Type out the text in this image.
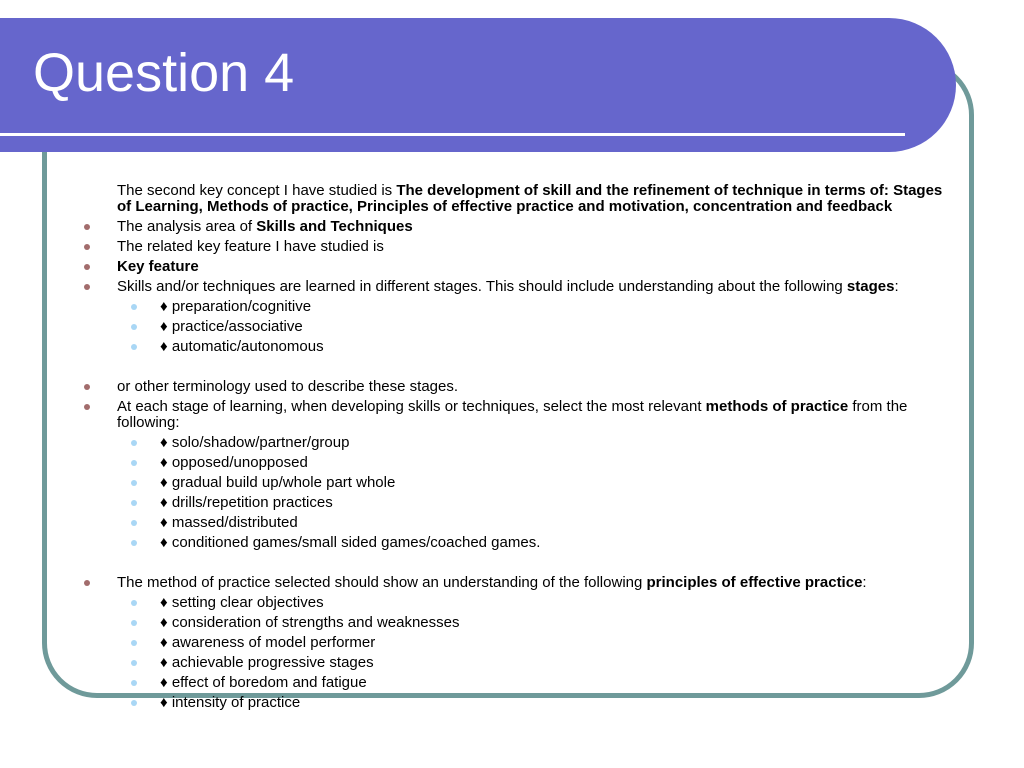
Question 4

The second key concept I have studied is The development of skill and the refinement of technique in terms of: Stages of Learning, Methods of practice, Principles of effective practice and motivation, concentration and feedback

The analysis area of Skills and Techniques

The related key feature I have studied is

Key feature

Skills and/or techniques are learned in different stages. This should include understanding about the following stages:

♦ preparation/cognitive

♦ practice/associative

♦ automatic/autonomous

or other terminology used to describe these stages.

At each stage of learning, when developing skills or techniques, select the most relevant methods of practice from the following:

♦ solo/shadow/partner/group

♦ opposed/unopposed

♦ gradual build up/whole part whole

♦ drills/repetition practices

♦ massed/distributed

♦ conditioned games/small sided games/coached games.

The method of practice selected should show an understanding of the following principles of effective practice:

♦ setting clear objectives

♦ consideration of strengths and weaknesses

♦ awareness of model performer

♦ achievable progressive stages

♦ effect of boredom and fatigue

♦ intensity of practice
